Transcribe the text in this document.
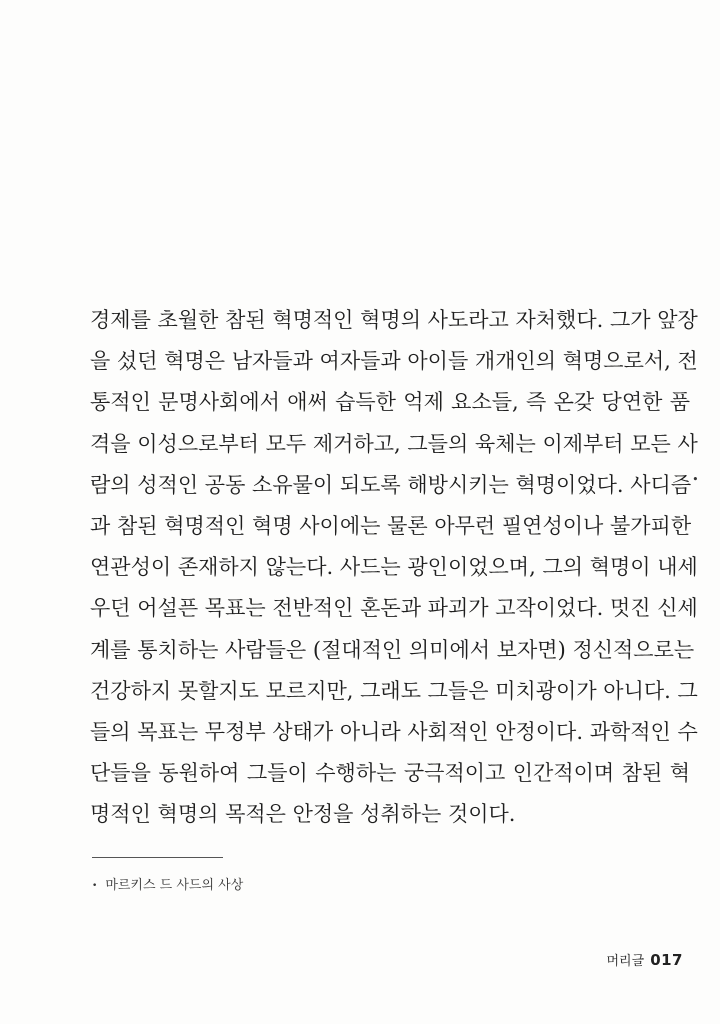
경제를 초월한 참된 혁명적인 혁명의 사도라고 자처했다. 그가 앞장
을 섰던 혁명은 남자들과 여자들과 아이들 개개인의 혁명으로서, 전
통적인 문명사회에서 애써 습득한 억제 요소들, 즉 온갖 당연한 품
격을 이성으로부터 모두 제거하고, 그들의 육체는 이제부터 모든 사
람의 성적인 공동 소유물이 되도록 해방시키는 혁명이었다. 사디즘•
과 참된 혁명적인 혁명 사이에는 물론 아무런 필연성이나 불가피한
연관성이 존재하지 않는다. 사드는 광인이었으며, 그의 혁명이 내세
우던 어설픈 목표는 전반적인 혼돈과 파괴가 고작이었다. 멋진 신세
계를 통치하는 사람들은 (절대적인 의미에서 보자면) 정신적으로는
건강하지 못할지도 모르지만, 그래도 그들은 미치광이가 아니다. 그
들의 목표는 무정부 상태가 아니라 사회적인 안정이다. 과학적인 수
단들을 동원하여 그들이 수행하는 궁극적이고 인간적이며 참된 혁
명적인 혁명의 목적은 안정을 성취하는 것이다.
• 마르키스 드 사드의 사상
머리글 017
